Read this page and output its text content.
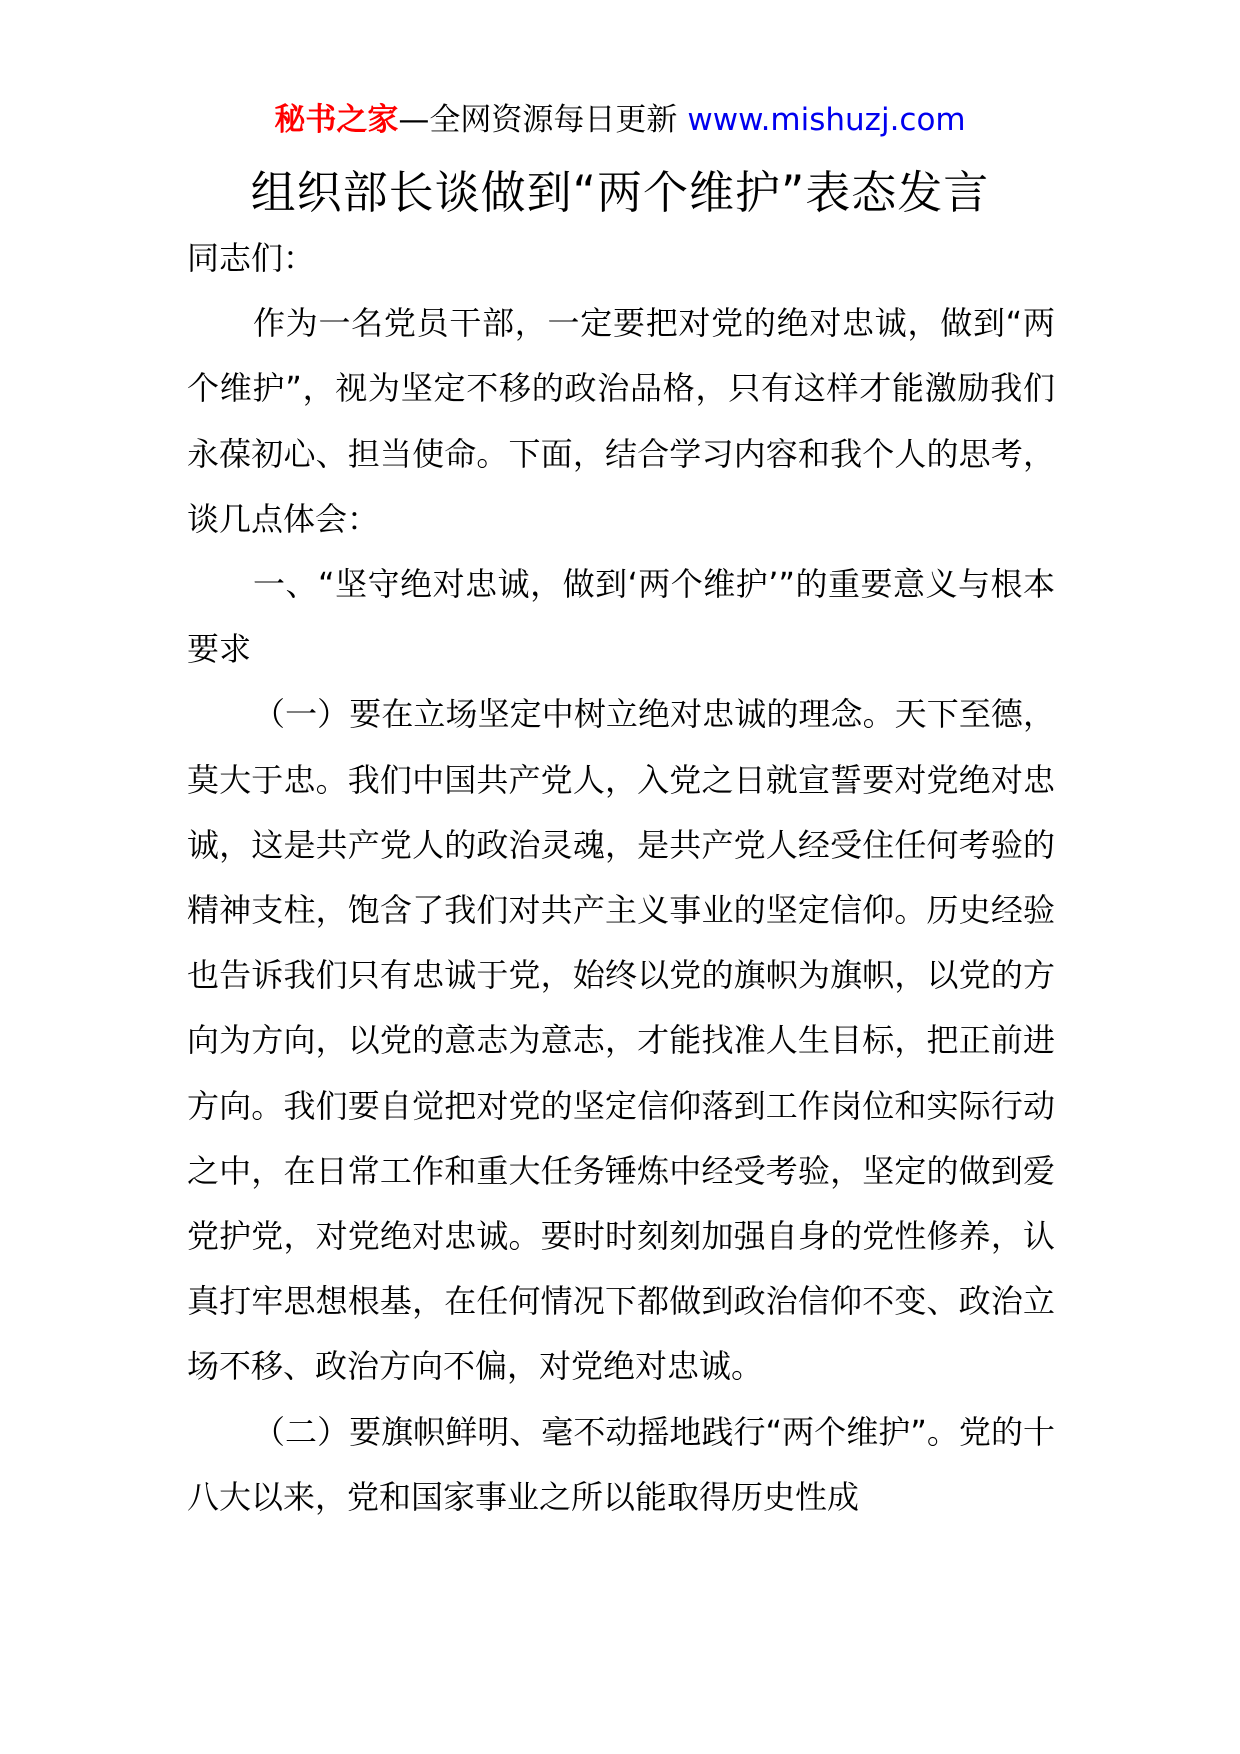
秘书之家—全网资源每日更新 www.mishuzj.com
组织部长谈做到“两个维护”表态发言

同志们：

作为一名党员干部，一定要把对党的绝对忠诚，做到“两个维护”，视为坚定不移的政治品格，只有这样才能激励我们永葆初心、担当使命。下面，结合学习内容和我个人的思考，谈几点体会：

一、“坚守绝对忠诚，做到‘两个维护’”的重要意义与根本要求

（一）要在立场坚定中树立绝对忠诚的理念。天下至德，莫大于忠。我们中国共产党人，入党之日就宣誓要对党绝对忠诚，这是共产党人的政治灵魂，是共产党人经受住任何考验的精神支柱，饱含了我们对共产主义事业的坚定信仰。历史经验也告诉我们只有忠诚于党，始终以党的旗帜为旗帜，以党的方向为方向，以党的意志为意志，才能找准人生目标，把正前进方向。我们要自觉把对党的坚定信仰落到工作岗位和实际行动之中，在日常工作和重大任务锤炼中经受考验，坚定的做到爱党护党，对党绝对忠诚。要时时刻刻加强自身的党性修养，认真打牢思想根基，在任何情况下都做到政治信仰不变、政治立场不移、政治方向不偏，对党绝对忠诚。

（二）要旗帜鲜明、毫不动摇地践行“两个维护”。党的十八大以来，党和国家事业之所以能取得历史性成
